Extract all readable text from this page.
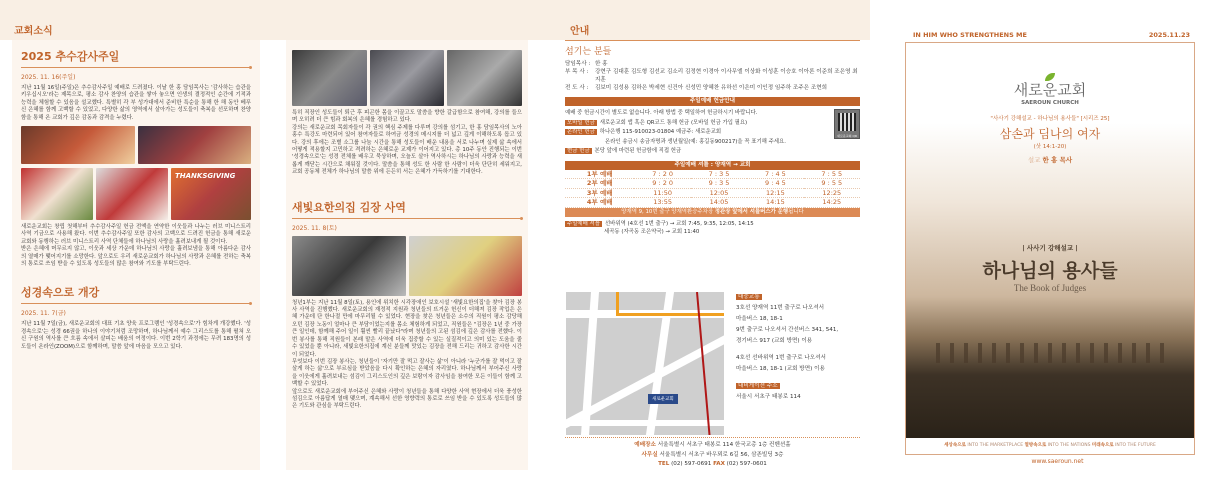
교회소식	안내
2025 추수감사주일
2025. 11. 16(주일)
지난 11월 16일(주일)은 추수감사주일 예배로 드려졌다. 이날 한 홍 담임목사는 '감사하는 습관을 키우십시오'라는 제목으로, 평소 감사 찬양의 습관을 쌓아 놓으면 인생의 결정적인 순간에 기적과 능력을 체험할 수 있음을 설교했다. 특별히 각 부 성가대에서 준비한 특순을 통해 한 해 동안 베푸신 은혜를 함께 고백할 수 있었고, 다양한 삶의 영역에서 살아가는 성도들이 축복을 선포하며 찬양함을 통해 온 교회가 깊은 감동과 감격을 누렸다.
THANKSGIVING
새로운교회는 창립 첫해부터 추수감사주일 헌금 전액을 연약한 이웃들과 나누는 러브 미니스트리 사역 기금으로 사용해 왔다. 이번 추수감사주일 또한 감사의 고백으로 드려진 헌금을 통해 새로운교회와 동행하는 러브 미니스트리 사역 단체들에 하나님의 사랑을 흘려보내게 될 것이다.
받은 은혜에 머무르지 않고, 이웃과 세상 가운데 하나님의 사랑을 흘려보냄을 통해 아름다운 감사의 열매가 맺어지기를 소망한다. 앞으로도 우리 새로운교회가 하나님의 사랑과 은혜를 전하는 축복의 통로로 쓰임 받을 수 있도록 성도들의 많은 참여와 기도를 부탁드린다.
성경속으로 개강
2025. 11. 7(금)
지난 11월 7일(금), 새로운교회의 대표 기초 양육 프로그램인 '성경속으로'가 힘차게 개강했다. '성경속으로'는 성경 66권을 하나의 이야기처럼 조망하며, 하나님께서 예수 그리스도를 통해 펼쳐 오신 구원의 역사를 큰 흐름 속에서 살피는 배움의 여정이다. 이번 2학기 과정에는 무려 183명의 성도들이 온라인(ZOOM)으로 함께하며, 말씀 앞에 마음을 모으고 있다.
특히 직장인 성도들이 퇴근 후 피곤한 몸을 이끌고도 말씀을 향한 갈급함으로 참여해, 강의를 들으며 오히려 더 큰 힘과 회복의 은혜를 경험하고 있다.
강의는 새로운교회 목회자들이 각 권의 핵심 주제를 다루며 강의를 섬기고, 한 홍 담임목사의 노아 홍수 특강도 마련되어 있어 참여자들로 하여금 성경의 메시지를 더 넓고 깊게 이해하도록 돕고 있다. 강의 후에는 조별 소그룹 나눔 시간을 통해 성도들이 배운 내용을 서로 나누며 실제 삶 속에서 어떻게 적용할지 고민하고 격려하는 은혜로운 교제가 이어지고 있다. 총 10주 동안 진행되는 이번 '성경속으로'는 성경 전체를 배우고 묵상하며, 오늘도 살아 역사하시는 하나님의 사랑과 능력을 새롭게 깨닫는 시간으로 채워질 것이다. 말씀을 통해 성도 한 사람 한 사람이 더욱 단단히 세워지고, 교회 공동체 전체가 하나님의 말씀 위에 든든히 서는 은혜가 가득하기를 기대한다.
새빛요한의집 김장 사역
2025. 11. 8(토)
청년1부는 지난 11월 8일(토), 용인에 위치한 시각장애인 보호시설 '새빛요한의집'을 찾아 김장 봉사 사역을 진행했다. 새로운교회의 재정적 지원과 청년들의 뜨거운 헌신이 더해져 김장 작업은 은혜 가운데 단 한나절 만에 마무리될 수 있었다. 현장을 찾은 청년들은 소수의 직원이 평소 감당해 오던 김장 노동이 얼마나 큰 부담이었는지를 몸소 체험하게 되었고, 직원들은 "김장은 1년 중 가장 큰 일인데, 함께해 주어 일이 훨씬 빨리 끝났다"라며 청년들의 고된 섬김에 깊은 감사를 전했다. 이번 봉사를 통해 직원들이 본래 맡은 사역에 더욱 집중할 수 있는 실질적이고 의미 있는 도움을 줄 수 있었을 뿐 아니라, 새빛요한의집에 계신 분들께 맛있는 김장을 전해 드리는 귀하고 감사한 시간이 되었다.
무엇보다 이번 김장 봉사는, 청년들이 '자기만 잘 먹고 잘사는 삶'이 아니라 '누군가를 잘 먹이고 잘 살게 하는 삶'으로 부르심을 받았음을 다시 확인하는 은혜의 자리였다. 하나님께서 부어주신 사랑을 이웃에게 흘려보내는 섬김이 그리스도인의 깊은 보람이자 감사임을 참여한 모든 이들이 함께 고백할 수 있었다.
앞으로도 새로운교회에 부어주신 은혜와 사랑이 청년들을 통해 다양한 사역 현장에서 더욱 풍성한 섬김으로 아름답게 열매 맺으며, 계속해서 선한 영향력의 통로로 쓰임 받을 수 있도록 성도들의 많은 기도와 관심을 부탁드린다.
섬기는 분들
담임목사 : 한 홍
부 목 사 :	강현구 김대훈 김도형 김선교 김소리 김정현 이경아 이사무엘 이상화 이성훈 이승호 이아론 이준희 조은영 최지훈
전 도 사 :	김보미 김성용 김하은 박세현 신건아 신성민 양혜찬 유하선 이은미 이인정 임주하 조주은 조현희
주일예배 헌금안내
예배 중 헌금시간이 별도로 없습니다. 아래 방법 중 택일하여 헌금하시기 바랍니다.
모바일 헌금 새로운교회 앱 혹은 QR코드 통해 헌금 (모바일 헌금 가입 필요)
온라인 헌금 하나은행 115-910023-01804 예금주: 새로운교회
온라인 송금시 송금자명과 생년월일(예: 홍길동900217)을 꼭 표기해 주세요.
현금 헌금 본당 앞에 마련된 헌금함에 직접 헌금
새로운교회 QR
주일예배 셔틀 : 양재역 → 교회
1부 예배	7 : 2 0	7 : 3 5	7 : 4 5	7 : 5 5
2부 예배	9 : 2 0	9 : 3 5	9 : 4 5	9 : 5 5
3부 예배	11:50	12:05	12:15	12:25
4부 예배	13:55	14:05	14:15	14:25
양재역 9, 10번 출구 양재역환승주차장 정관장 앞에서 셔틀버스가 운행됩니다
주일예배 셔틀 선바위역 (4호선 1번 출구) → 교회 7:45, 9:35, 12:05, 14:15
세곡동 (자곡동 조은약국) → 교회 11:40
새로운교회
대중교통
3호선 양재역 11번 출구로 나오셔서
마을버스 18, 18-1
9번 출구로 나오셔서 간선버스 341, 541,
경기버스 917 (교회 방면) 이용
4호선 선바위역 1번 출구로 나오셔서
마을버스 18, 18-1 (교회 방면) 이용
내비게이션 주소
서울시 서초구 태봉로 114
예배장소 서울특별시 서초구 태봉로 114 한국교총 1층 컨벤션홀
사무실 서울특별시 서초구 바우뫼로 6길 56, 삼존빌딩 3층
TEL (02) 597-0691 FAX (02) 597-0601
IN HIM WHO STRENGTHENS ME	2025.11.23
새로운교회
SAEROUN CHURCH
"사사기 강해설교 - 하나님의 용사들" [시리즈 25]
삼손과 딤나의 여자
(삿 14:1-20)
설교 한 홍 목사
| 사사기 강해설교 |
하나님의 용사들
The Book of Judges
세상속으로 INTO THE MARKETPLACE 열방속으로 INTO THE NATIONS 미래속으로 INTO THE FUTURE
www.saeroun.net
